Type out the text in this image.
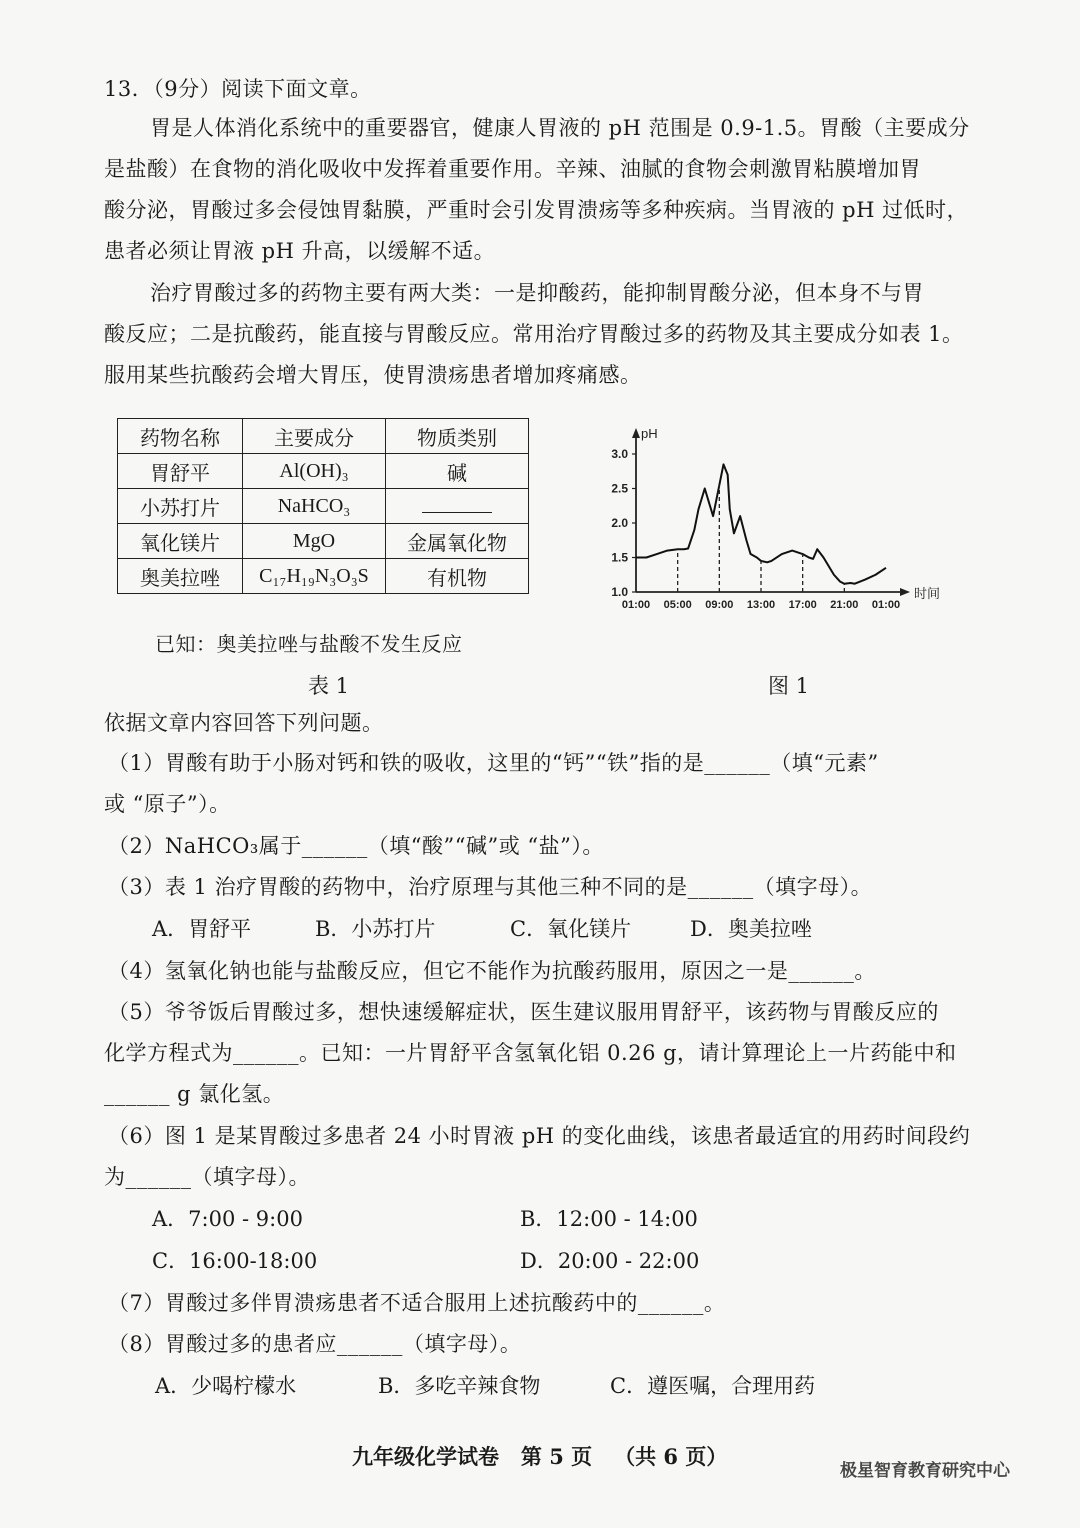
13．（9分）阅读下面文章。
胃是人体消化系统中的重要器官，健康人胃液的 pH 范围是 0.9-1.5。胃酸（主要成分
是盐酸）在食物的消化吸收中发挥着重要作用。辛辣、油腻的食物会刺激胃粘膜增加胃
酸分泌，胃酸过多会侵蚀胃黏膜，严重时会引发胃溃疡等多种疾病。当胃液的 pH 过低时，
患者必须让胃液 pH 升高，以缓解不适。
治疗胃酸过多的药物主要有两大类：一是抑酸药，能抑制胃酸分泌，但本身不与胃
酸反应；二是抗酸药，能直接与胃酸反应。常用治疗胃酸过多的药物及其主要成分如表 1。
服用某些抗酸药会增大胃压，使胃溃疡患者增加疼痛感。
药物名称	主要成分	物质类别
胃舒平	Al(OH)₃	碱
小苏打片	NaHCO₃	
氧化镁片	MgO	金属氧化物
奥美拉唑	C₁₇H₁₉N₃O₃S	有机物
已知：奥美拉唑与盐酸不发生反应
表 1
pH
时间
1.0
1.5
2.0
2.5
3.0
01:00 05:00 09:00 13:00 17:00 21:00 01:00
图 1
依据文章内容回答下列问题。
（1）胃酸有助于小肠对钙和铁的吸收，这里的“钙”“铁”指的是______（填“元素”
或 “原子”）。
（2）NaHCO₃属于______（填“酸”“碱”或 “盐”）。
（3）表 1 治疗胃酸的药物中，治疗原理与其他三种不同的是______（填字母）。
A．胃舒平	B．小苏打片	C．氧化镁片	D．奥美拉唑
（4）氢氧化钠也能与盐酸反应，但它不能作为抗酸药服用，原因之一是______。
（5）爷爷饭后胃酸过多，想快速缓解症状，医生建议服用胃舒平，该药物与胃酸反应的
化学方程式为______。已知：一片胃舒平含氢氧化铝 0.26 g，请计算理论上一片药能中和
______ g 氯化氢。
（6）图 1 是某胃酸过多患者 24 小时胃液 pH 的变化曲线，该患者最适宜的用药时间段约
为______（填字母）。
A．7:00 - 9:00	B．12:00 - 14:00
C．16:00-18:00	D．20:00 - 22:00
（7）胃酸过多伴胃溃疡患者不适合服用上述抗酸药中的______。
（8）胃酸过多的患者应______（填字母）。
A．少喝柠檬水	B．多吃辛辣食物	C．遵医嘱，合理用药
九年级化学试卷   第 5 页   （共 6 页）
极星智育教育研究中心
